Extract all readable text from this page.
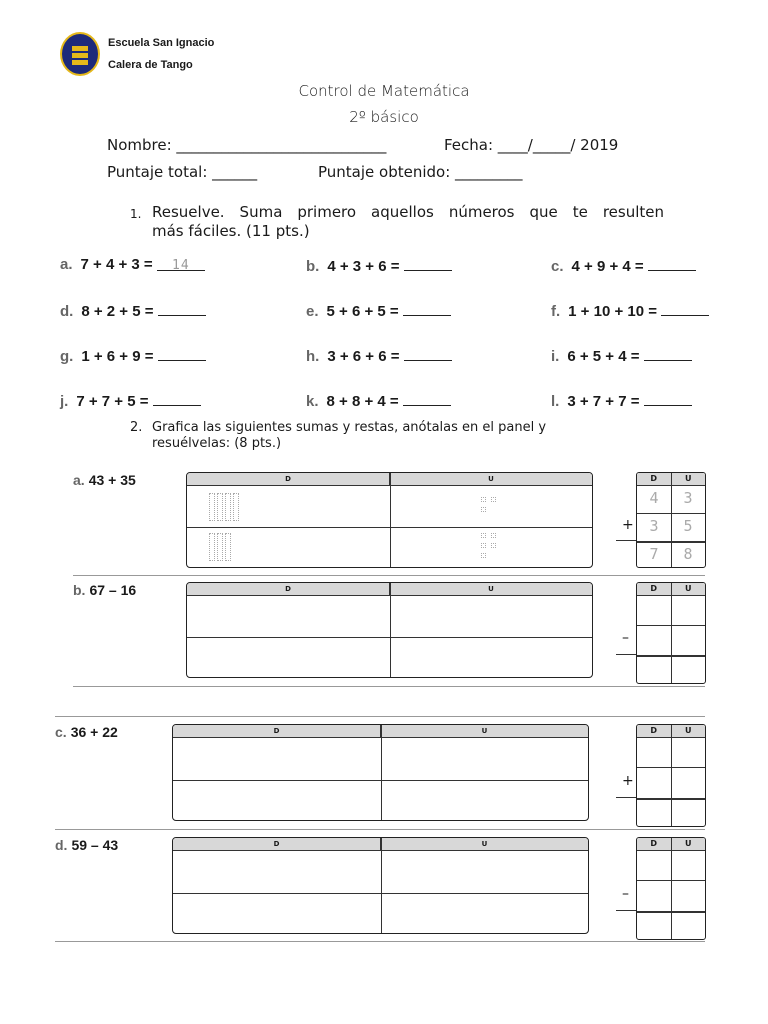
Escuela San Ignacio
Calera de Tango
Control de Matemática
2º básico
Nombre: ____________________________	Fecha: ____/_____/ 2019
Puntaje total: ______	Puntaje obtenido: _________
1. Resuelve. Suma primero aquellos números que te resulten
más fáciles. (11 pts.)
a. 7 + 4 + 3 = 14	b. 4 + 3 + 6 =	c. 4 + 9 + 4 =
d. 8 + 2 + 5 =	e. 5 + 6 + 5 =	f. 1 + 10 + 10 =
g. 1 + 6 + 9 =	h. 3 + 6 + 6 =	i. 6 + 5 + 4 =
j. 7 + 7 + 5 =	k. 8 + 8 + 4 =	l. 3 + 7 + 7 =
2. Grafica las siguientes sumas y restas, anótalas en el panel y
resuélvelas: (8 pts.)
a. 43 + 35	D	U	D	U
4	3
3	5
7	8
+
b. 67 – 16	D	U	D	U
–
c. 36 + 22	D	U	D	U
+
d. 59 – 43	D	U	D	U
–
